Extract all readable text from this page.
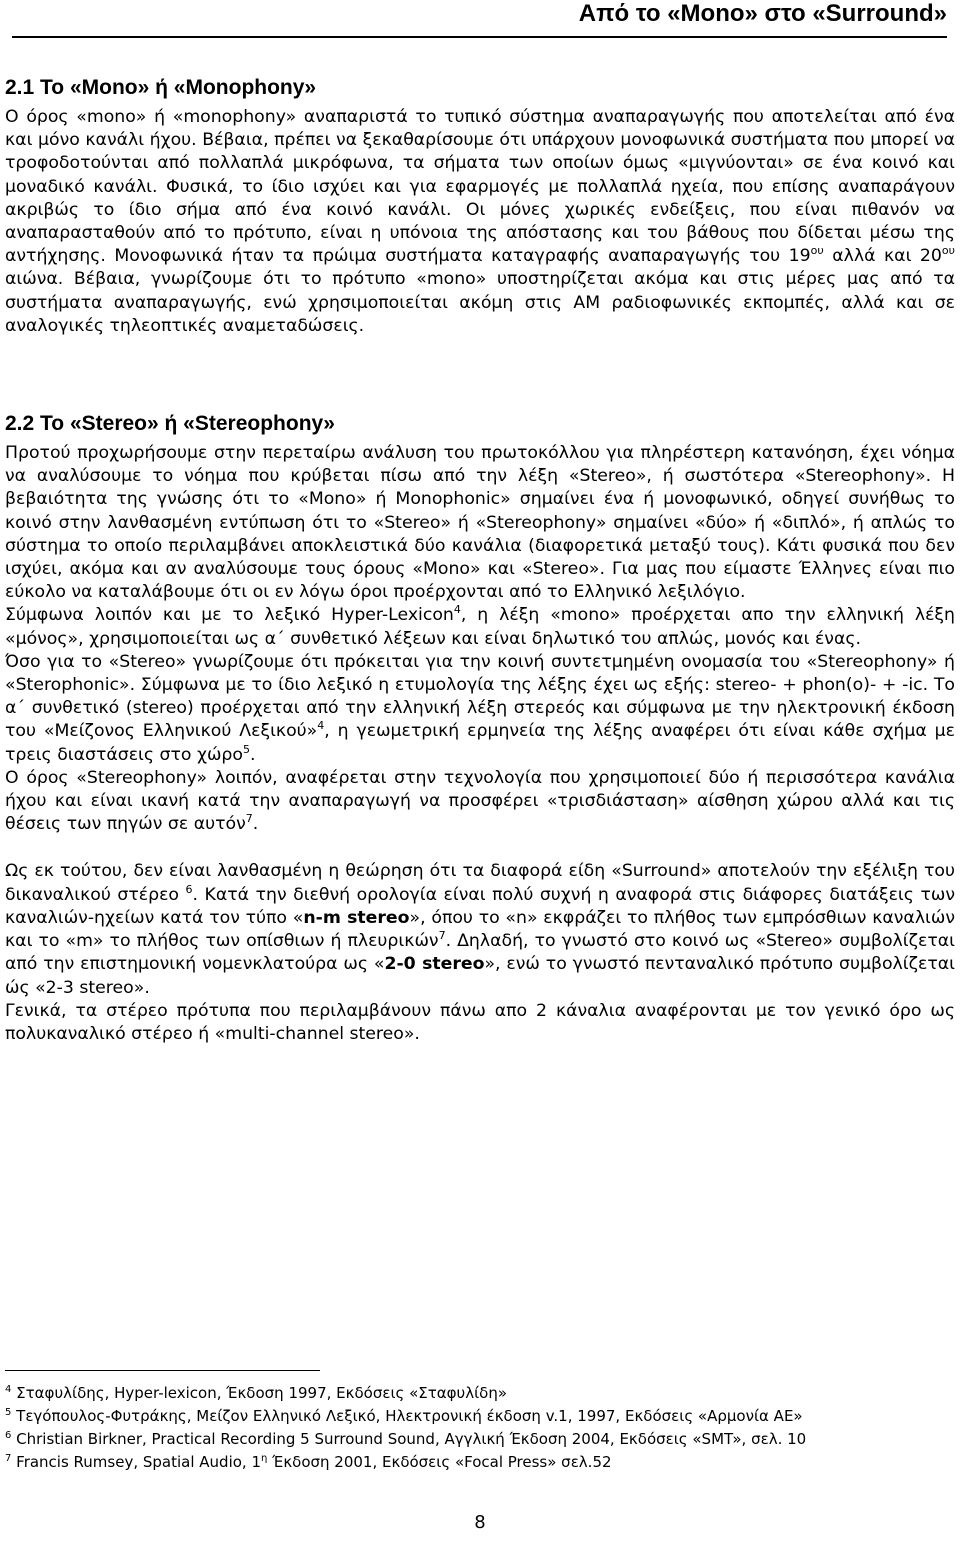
Από το «Mono» στο «Surround»
2.1 Το «Mono» ή «Monophony»

Ο όρος «mono» ή «monophony» αναπαριστά το τυπικό σύστημα αναπαραγωγής που αποτελείται από ένα και μόνο κανάλι ήχου. Βέβαια, πρέπει να ξεκαθαρίσουμε ότι υπάρχουν μονοφωνικά συστήματα που μπορεί να τροφοδοτούνται από πολλαπλά μικρόφωνα, τα σήματα των οποίων όμως «μιγνύονται» σε ένα κοινό και μοναδικό κανάλι. Φυσικά, το ίδιο ισχύει και για εφαρμογές με πολλαπλά ηχεία, που επίσης αναπαράγουν ακριβώς το ίδιο σήμα από ένα κοινό κανάλι. Οι μόνες χωρικές ενδείξεις, που είναι πιθανόν να αναπαρασταθούν από το πρότυπο, είναι η υπόνοια της απόστασης και του βάθους που δίδεται μέσω της αντήχησης. Μονοφωνικά ήταν τα πρώιμα συστήματα καταγραφής αναπαραγωγής του $19^{o\upsilon}$ αλλά και $20^{o\upsilon}$ αιώνα. Βέβαια, γνωρίζουμε ότι το πρότυπο «mono» υποστηρίζεται ακόμα και στις μέρες μας από τα συστήματα αναπαραγωγής, ενώ χρησιμοποιείται ακόμη στις AM ραδιοφωνικές εκπομπές, αλλά και σε αναλογικές τηλεοπτικές αναμεταδώσεις.

2.2 Το «Stereo» ή «Stereophony»

Προτού προχωρήσουμε στην περεταίρω ανάλυση του πρωτοκόλλου για πληρέστερη κατανόηση, έχει νόημα να αναλύσουμε το νόημα που κρύβεται πίσω από την λέξη «Stereo», ή σωστότερα «Stereophony». Η βεβαιότητα της γνώσης ότι το «Mono» ή Monophonic» σημαίνει ένα ή μονοφωνικό, οδηγεί συνήθως το κοινό στην λανθασμένη εντύπωση ότι το «Stereo» ή «Stereophony» σημαίνει «δύο» ή «διπλό», ή απλώς το σύστημα το οποίο περιλαμβάνει αποκλειστικά δύο κανάλια (διαφορετικά μεταξύ τους). Κάτι φυσικά που δεν ισχύει, ακόμα και αν αναλύσουμε τους όρους «Mono» και «Stereo». Για μας που είμαστε Έλληνες είναι πιο εύκολο να καταλάβουμε ότι οι εν λόγω όροι προέρχονται από το Ελληνικό λεξιλόγιο.

Σύμφωνα λοιπόν και με το λεξικό Hyper-Lexicon$^4$, η λέξη «mono» προέρχεται απο την ελληνική λέξη «μόνος», χρησιμοποιείται ως α΄ συνθετικό λέξεων και είναι δηλωτικό του απλώς, μονός και ένας.

Όσο για το «Stereo» γνωρίζουμε ότι πρόκειται για την κοινή συντετμημένη ονομασία του «Stereophony» ή «Sterophonic». Σύμφωνα με το ίδιο λεξικό η ετυμολογία της λέξης έχει ως εξής: stereo- + phon(o)- + -ic. Το α΄ συνθετικό (stereo) προέρχεται από την ελληνική λέξη στερεός και σύμφωνα με την ηλεκτρονική έκδοση του «Μείζονος Ελληνικού Λεξικού»$^4$, η γεωμετρική ερμηνεία της λέξης αναφέρει ότι είναι κάθε σχήμα με τρεις διαστάσεις στο χώρο$^5$.

Ο όρος «Stereophony» λοιπόν, αναφέρεται στην τεχνολογία που χρησιμοποιεί δύο ή περισσότερα κανάλια ήχου και είναι ικανή κατά την αναπαραγωγή να προσφέρει «τρισδιάσταση» αίσθηση χώρου αλλά και τις θέσεις των πηγών σε αυτόν$^7$.

Ως εκ τούτου, δεν είναι λανθασμένη η θεώρηση ότι τα διαφορά είδη «Surround» αποτελούν την εξέλιξη του δικαναλικού στέρεο $^6$. Κατά την διεθνή ορολογία είναι πολύ συχνή η αναφορά στις διάφορες διατάξεις των καναλιών-ηχείων κατά τον τύπο «n-m stereo», όπου το «n» εκφράζει το πλήθος των εμπρόσθιων καναλιών και το «m» το πλήθος των οπίσθιων ή πλευρικών$^7$. Δηλαδή, το γνωστό στο κοινό ως «Stereo» συμβολίζεται από την επιστημονική νομενκλατούρα ως «2-0 stereo», ενώ το γνωστό πενταναλικό πρότυπο συμβολίζεται ώς «2-3 stereo».

Γενικά, τα στέρεο πρότυπα που περιλαμβάνουν πάνω απο 2 κάναλια αναφέρονται με τον γενικό όρο ως πολυκαναλικό στέρεο ή «multi-channel stereo».

$^4$ Σταφυλίδης, Hyper-lexicon, Έκδοση 1997, Εκδόσεις «Σταφυλίδη»
$^5$ Τεγόπουλος-Φυτράκης, Μείζον Ελληνικό Λεξικό, Ηλεκτρονική έκδοση v.1, 1997, Εκδόσεις «Αρμονία ΑΕ»
$^6$ Christian Birkner, Practical Recording 5 Surround Sound, Αγγλική Έκδοση 2004, Εκδόσεις «SMT», σελ. 10
$^7$ Francis Rumsey, Spatial Audio, $1^\eta$ Έκδοση 2001, Εκδόσεις «Focal Press» σελ.52
8
